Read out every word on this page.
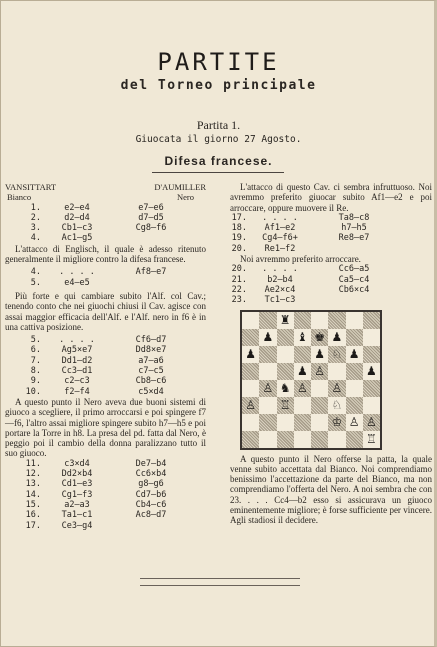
PARTITE
del Torneo principale
Partita 1.
Giuocata il giorno 27 Agosto.
Difesa francese.
VANSITTART	D'AUMILLER
Bianco	Nero
1.	e2—e4	e7—e6
2.	d2—d4	d7—d5
3.	Cb1—c3	Cg8—f6
4.	Ac1—g5

L'attacco di Englisch, il quale è adesso ritenuto generalmente il migliore contro la difesa francese.

4.	. . . .	Af8—e7
5.	e4—e5

Più forte e qui cambiare subito l'Alf. col Cav.; tenendo conto che nei giuochi chiusi il Cav. agisce con assai maggior efficacia dell'Alf. e l'Alf. nero in f6 è in una cattiva posizione.

5.	. . . .	Cf6—d7
6.	Ag5×e7	Dd8×e7
7.	Dd1—d2	a7—a6
8.	Cc3—d1	c7—c5
9.	c2—c3	Cb8—c6
10.	f2—f4	c5×d4

A questo punto il Nero aveva due buoni sistemi di giuoco a scegliere, il primo arroccarsi e poi spingere f7—f6, l'altro assai migliore spingere subito h7—h5 e poi portare la Torre in h8. La presa del pd. fatta dal Nero, è peggio poi il cambio della donna paralizzano tutto il suo giuoco.

11.	c3×d4	De7—b4
12.	Dd2×b4	Cc6×b4
13.	Cd1—e3	g8—g6
14.	Cg1—f3	Cd7—b6
15.	a2—a3	Cb4—c6
16.	Ta1—c1	Ac8—d7
17.	Ce3—g4

L'attacco di questo Cav. ci sembra infruttuoso. Noi avremmo preferito giuocar subito Af1—e2 e poi arroccare, oppure muovere il Re.

17.	. . . .	Ta8—c8
18.	Af1—e2	h7—h5
19.	Cg4—f6+	Re8—e7
20.	Re1—f2

Noi avremmo preferito arroccare.

20.	. . . .	Cc6—a5
21.	b2—b4	Ca5—c4
22.	Ae2×c4	Cb6×c4
23.	Tc1—c3
♜
♟ ♝ ♚ ♟
♟	♟ ♘ ♟
♟ ♙	♟
♙ ♞ ♙ ♙
♙ ♖	♘
♔ ♙ ♙
♖

A questo punto il Nero offerse la patta, la quale venne subito accettata dal Bianco. Noi comprendiamo benissimo l'accettazione da parte del Bianco, ma non comprendiamo l'offerta del Nero. A noi sembra che con 23. . . . Cc4—b2 esso si assicurava un giuoco eminentemente migliore; è forse sufficiente per vincere. Agli stadiosi il decidere.
